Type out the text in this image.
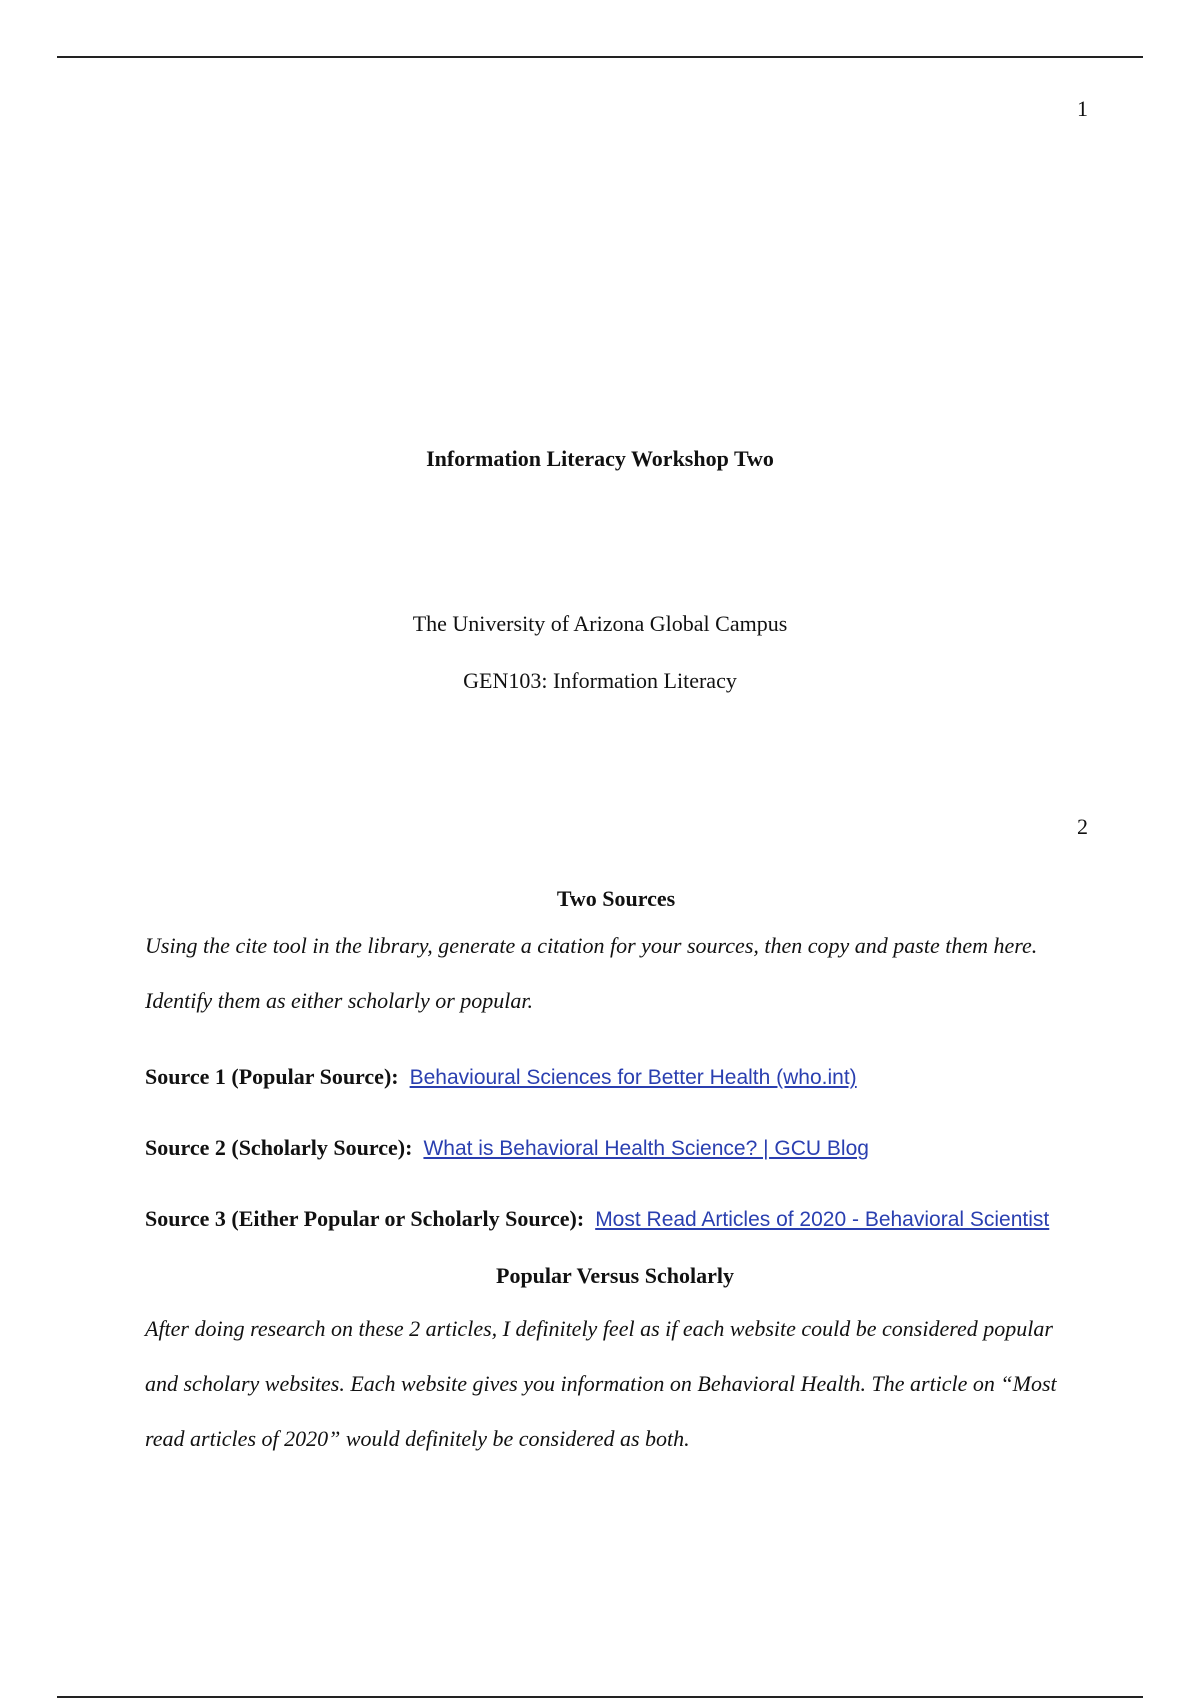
1
Information Literacy Workshop Two
The University of Arizona Global Campus
GEN103: Information Literacy
2
Two Sources

Using the cite tool in the library, generate a citation for your sources, then copy and paste them here. Identify them as either scholarly or popular.

Source 1 (Popular Source): Behavioural Sciences for Better Health (who.int)

Source 2 (Scholarly Source): What is Behavioral Health Science? | GCU Blog

Source 3 (Either Popular or Scholarly Source): Most Read Articles of 2020 - Behavioral Scientist

Popular Versus Scholarly

After doing research on these 2 articles, I definitely feel as if each website could be considered popular and scholary websites. Each website gives you information on Behavioral Health. The article on “Most read articles of 2020” would definitely be considered as both.
